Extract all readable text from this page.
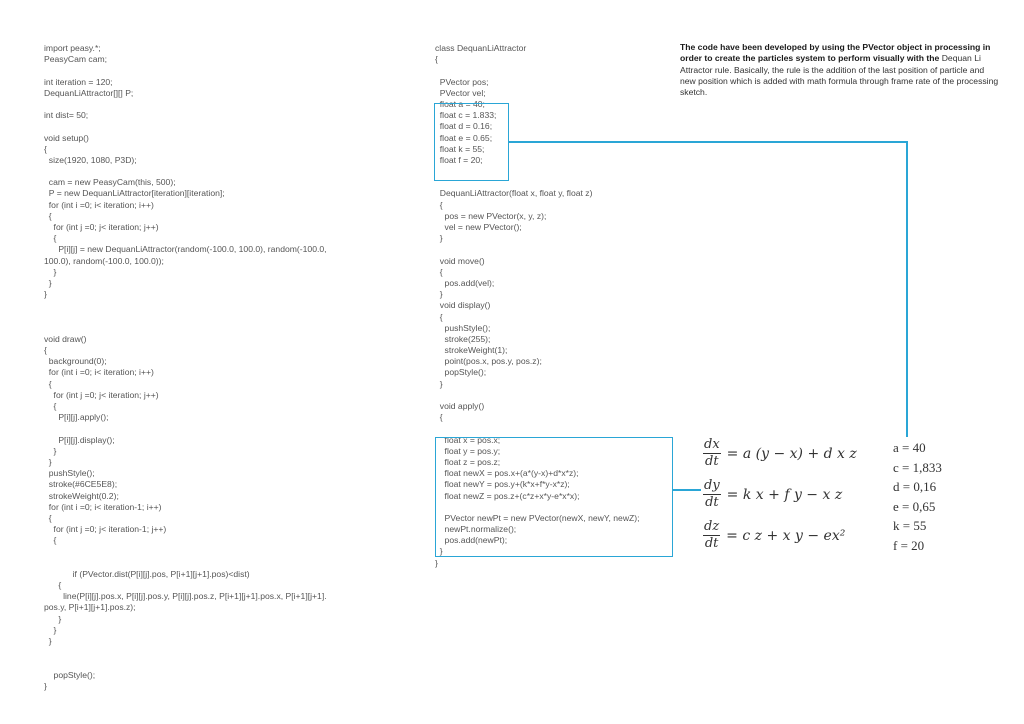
import peasy.*;
PeasyCam cam;
int iteration = 120;
DequanLiAttractor[][] P;
int dist= 50;
void setup()
{
size(1920, 1080, P3D);
cam = new PeasyCam(this, 500);
P = new DequanLiAttractor[iteration][iteration];
for (int i =0; i< iteration; i++)
{
for (int j =0; j< iteration; j++)
{
P[i][j] = new DequanLiAttractor(random(-100.0, 100.0), random(-100.0,
100.0), random(-100.0, 100.0));
}
}
}
void draw()
{
background(0);
for (int i =0; i< iteration; i++)
{
for (int j =0; j< iteration; j++)
{
P[i][j].apply();
P[i][j].display();
}
}
pushStyle();
stroke(#6CE5E8);
strokeWeight(0.2);
for (int i =0; i< iteration-1; i++)
{
for (int j =0; j< iteration-1; j++)
{
if (PVector.dist(P[i][j].pos, P[i+1][j+1].pos)<dist)
{
line(P[i][j].pos.x, P[i][j].pos.y, P[i][j].pos.z, P[i+1][j+1].pos.x, P[i+1][j+1].
pos.y, P[i+1][j+1].pos.z);
}
}
}
popStyle();
}
class DequanLiAttractor
{
PVector pos;
PVector vel;
float a = 40;
float c = 1.833;
float d = 0.16;
float e = 0.65;
float k = 55;
float f = 20;
DequanLiAttractor(float x, float y, float z)
{
pos = new PVector(x, y, z);
vel = new PVector();
}
void move()
{
pos.add(vel);
}
void display()
{
pushStyle();
stroke(255);
strokeWeight(1);
point(pos.x, pos.y, pos.z);
popStyle();
}
void apply()
{
float x = pos.x;
float y = pos.y;
float z = pos.z;
float newX = pos.x+(a*(y-x)+d*x*z);
float newY = pos.y+(k*x+f*y-x*z);
float newZ = pos.z+(c*z+x*y-e*x*x);
PVector newPt = new PVector(newX, newY, newZ);
newPt.normalize();
pos.add(newPt);
}
}
The code have been developed by using the PVector object in processing in order to create the particles system to perform visually with the Dequan Li Attractor rule. Basically, the rule is the addition of the last position of particle and new position which is added with math formula through frame rate of the processing sketch.
$\frac{dx}{dt} = a$ (y − x) + d x z
$\frac{dy}{dt} = k$ x + f y − x z
$\frac{dz}{dt} = c$ z + x y − ex²
a = 40
c = 1,833
d = 0,16
e = 0,65
k = 55
f = 20
